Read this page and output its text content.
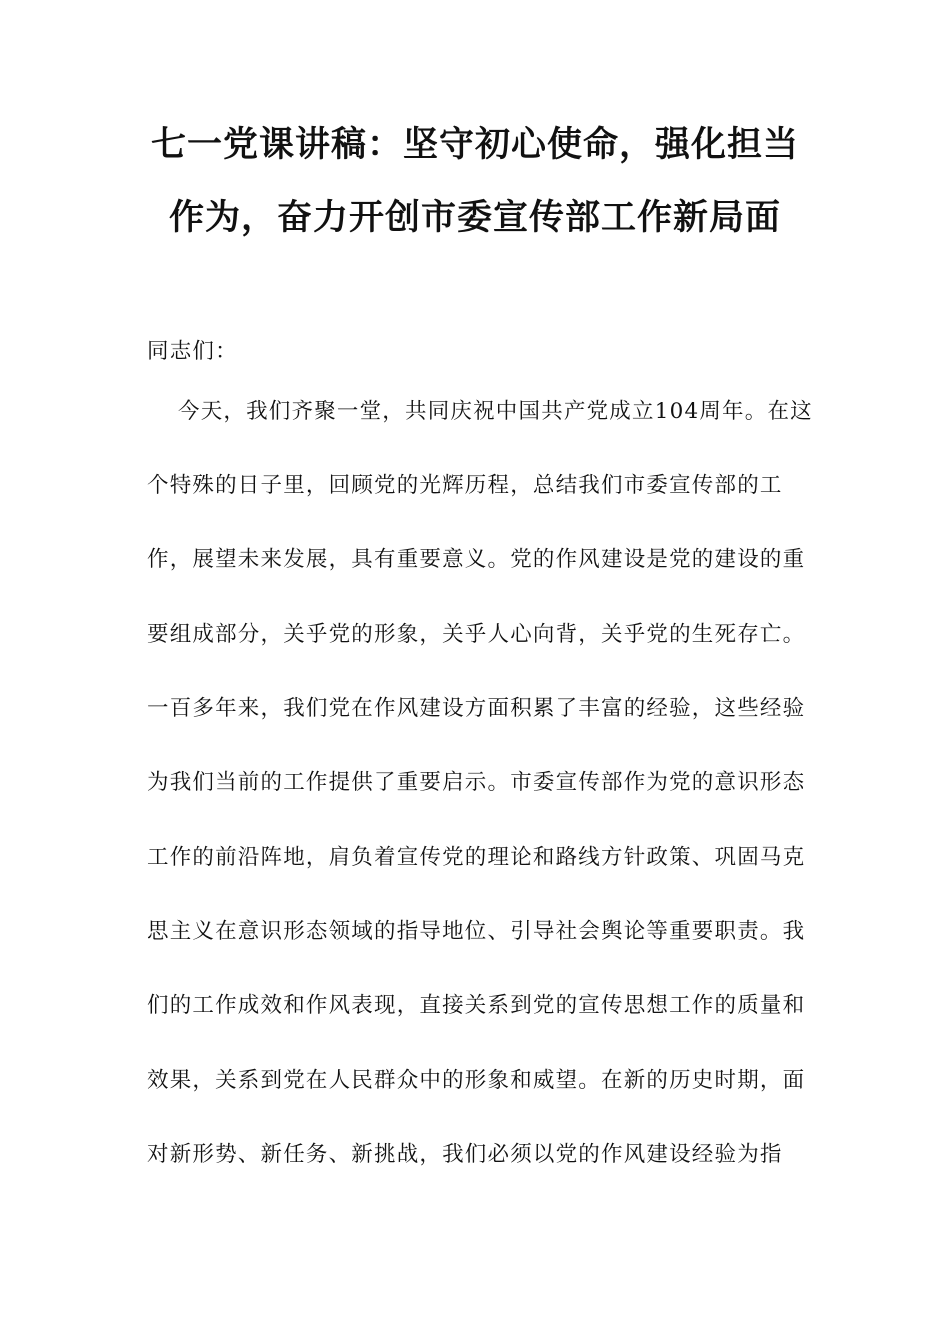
七一党课讲稿：坚守初心使命，强化担当
作为，奋力开创市委宣传部工作新局面
同志们：
今天，我们齐聚一堂，共同庆祝中国共产党成立104周年。在这
个特殊的日子里，回顾党的光辉历程，总结我们市委宣传部的工
作，展望未来发展，具有重要意义。党的作风建设是党的建设的重
要组成部分，关乎党的形象，关乎人心向背，关乎党的生死存亡。
一百多年来，我们党在作风建设方面积累了丰富的经验，这些经验
为我们当前的工作提供了重要启示。市委宣传部作为党的意识形态
工作的前沿阵地，肩负着宣传党的理论和路线方针政策、巩固马克
思主义在意识形态领域的指导地位、引导社会舆论等重要职责。我
们的工作成效和作风表现，直接关系到党的宣传思想工作的质量和
效果，关系到党在人民群众中的形象和威望。在新的历史时期，面
对新形势、新任务、新挑战，我们必须以党的作风建设经验为指
